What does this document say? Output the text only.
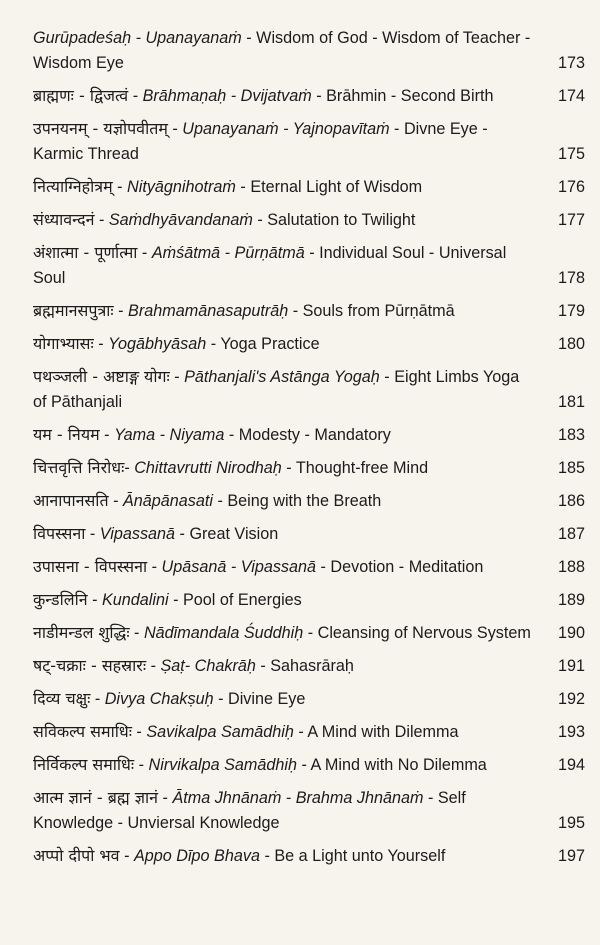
Gurūpadeśaḥ - Upanayanaṁ - Wisdom of God - Wisdom of Teacher - Wisdom Eye	173
ब्राह्मणः - द्विजत्वं - Brāhmaṇaḥ - Dvijatvaṁ - Brāhmin - Second Birth	174
उपनयनम् - यज्ञोपवीतम् - Upanayanaṁ - Yajnopavītaṁ - Divne Eye - Karmic Thread	175
नित्याग्निहोत्रम् - Nityāgnihotraṁ - Eternal Light of Wisdom	176
संध्यावन्दनं - Saṁdhyāvandanaṁ - Salutation to Twilight	177
अंशात्मा - पूर्णात्मा - Aṁśātmā - Pūrṇātmā - Individual Soul - Universal Soul	178
ब्रह्ममानसपुत्राः - Brahmamānasaputrāḥ - Souls from Pūrṇātmā	179
योगाभ्यासः - Yogābhyāsah - Yoga Practice	180
पथञ्जली - अष्टाङ्ग योगः - Pāthanjali's Astānga Yogaḥ - Eight Limbs Yoga of Pāthanjali	181
यम - नियम - Yama - Niyama - Modesty - Mandatory	183
चित्तवृत्ति निरोधः- Chittavrutti Nirodhaḥ - Thought-free Mind	185
आनापानसति - Ānāpānasati - Being with the Breath	186
विपस्सना - Vipassanā - Great Vision	187
उपासना - विपस्सना - Upāsanā - Vipassanā - Devotion - Meditation	188
कुन्डलिनि - Kundalini - Pool of Energies	189
नाडीमन्डल शुद्धिः - Nādīmandala Śuddhiḥ - Cleansing of Nervous System	190
षट्-चक्राः - सहस्रारः - Ṣaṭ- Chakrāḥ - Sahasrāraḥ	191
दिव्य चक्षुः - Divya Chakṣuḥ - Divine Eye	192
सविकल्प समाधिः - Savikalpa Samādhiḥ - A Mind with Dilemma	193
निर्विकल्प समाधिः - Nirvikalpa Samādhiḥ - A Mind with No Dilemma	194
आत्म ज्ञानं - ब्रह्म ज्ञानं - Ātma Jhnānaṁ - Brahma Jhnānaṁ - Self Knowledge - Unviersal Knowledge	195
अप्पो दीपो भव - Appo Dīpo Bhava - Be a Light unto Yourself	197
